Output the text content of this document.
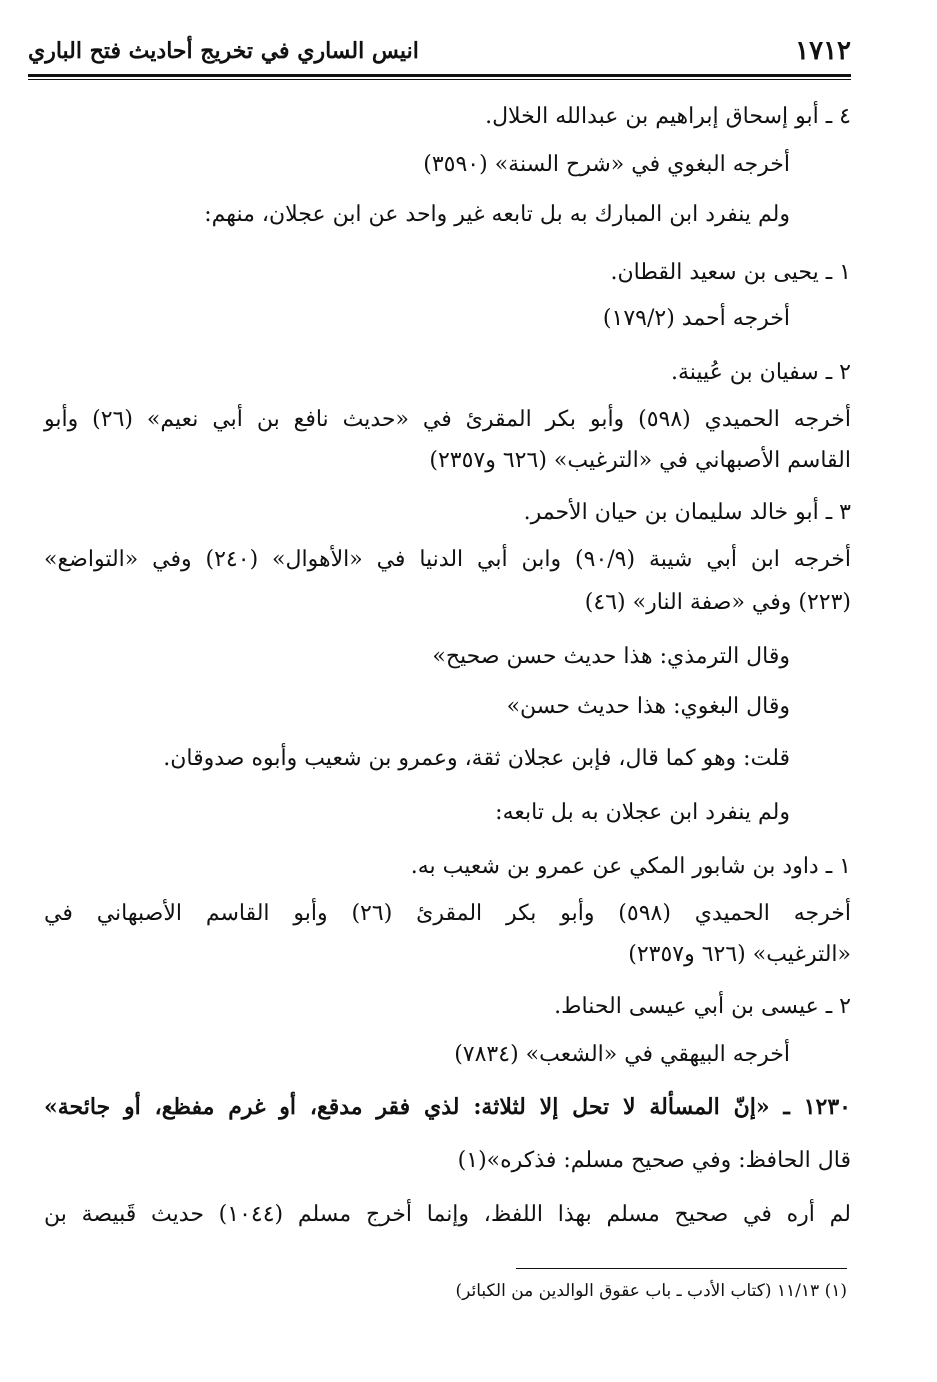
انيس الساري في تخريج أحاديث فتح الباري	١٧١٢
٤ ـ أبو إسحاق إبراهيم بن عبدالله الخلال.
أخرجه البغوي في «شرح السنة» (٣٥٩٠)
ولم ينفرد ابن المبارك به بل تابعه غير واحد عن ابن عجلان، منهم:
١ ـ يحيى بن سعيد القطان.
أخرجه أحمد (١٧٩/٢)
٢ ـ سفيان بن عُيينة.
أخرجه الحميدي (٥٩٨) وأبو بكر المقرئ في «حديث نافع بن أبي نعيم» (٢٦) وأبو
القاسم الأصبهاني في «الترغيب» (٦٢٦ و٢٣٥٧)
٣ ـ أبو خالد سليمان بن حيان الأحمر.
أخرجه ابن أبي شيبة (٩٠/٩) وابن أبي الدنيا في «الأهوال» (٢٤٠) وفي «التواضع»
(٢٢٣) وفي «صفة النار» (٤٦)
وقال الترمذي: هذا حديث حسن صحيح»
وقال البغوي: هذا حديث حسن»
قلت: وهو كما قال، فإبن عجلان ثقة، وعمرو بن شعيب وأبوه صدوقان.
ولم ينفرد ابن عجلان به بل تابعه:
١ ـ داود بن شابور المكي عن عمرو بن شعيب به.
أخرجه الحميدي (٥٩٨) وأبو بكر المقرئ (٢٦) وأبو القاسم الأصبهاني في
«الترغيب» (٦٢٦ و٢٣٥٧)
٢ ـ عيسى بن أبي عيسى الحناط.
أخرجه البيهقي في «الشعب» (٧٨٣٤)
١٢٣٠ ـ «إنّ المسألة لا تحل إلا لثلاثة: لذي فقر مدقع، أو غرم مفظع، أو جائحة»
قال الحافظ: وفي صحيح مسلم: فذكره»(١)
لم أره في صحيح مسلم بهذا اللفظ، وإنما أخرج مسلم (١٠٤٤) حديث قَبيصة بن
(١) ١١/١٣ (كتاب الأدب ـ باب عقوق الوالدين من الكبائر)
